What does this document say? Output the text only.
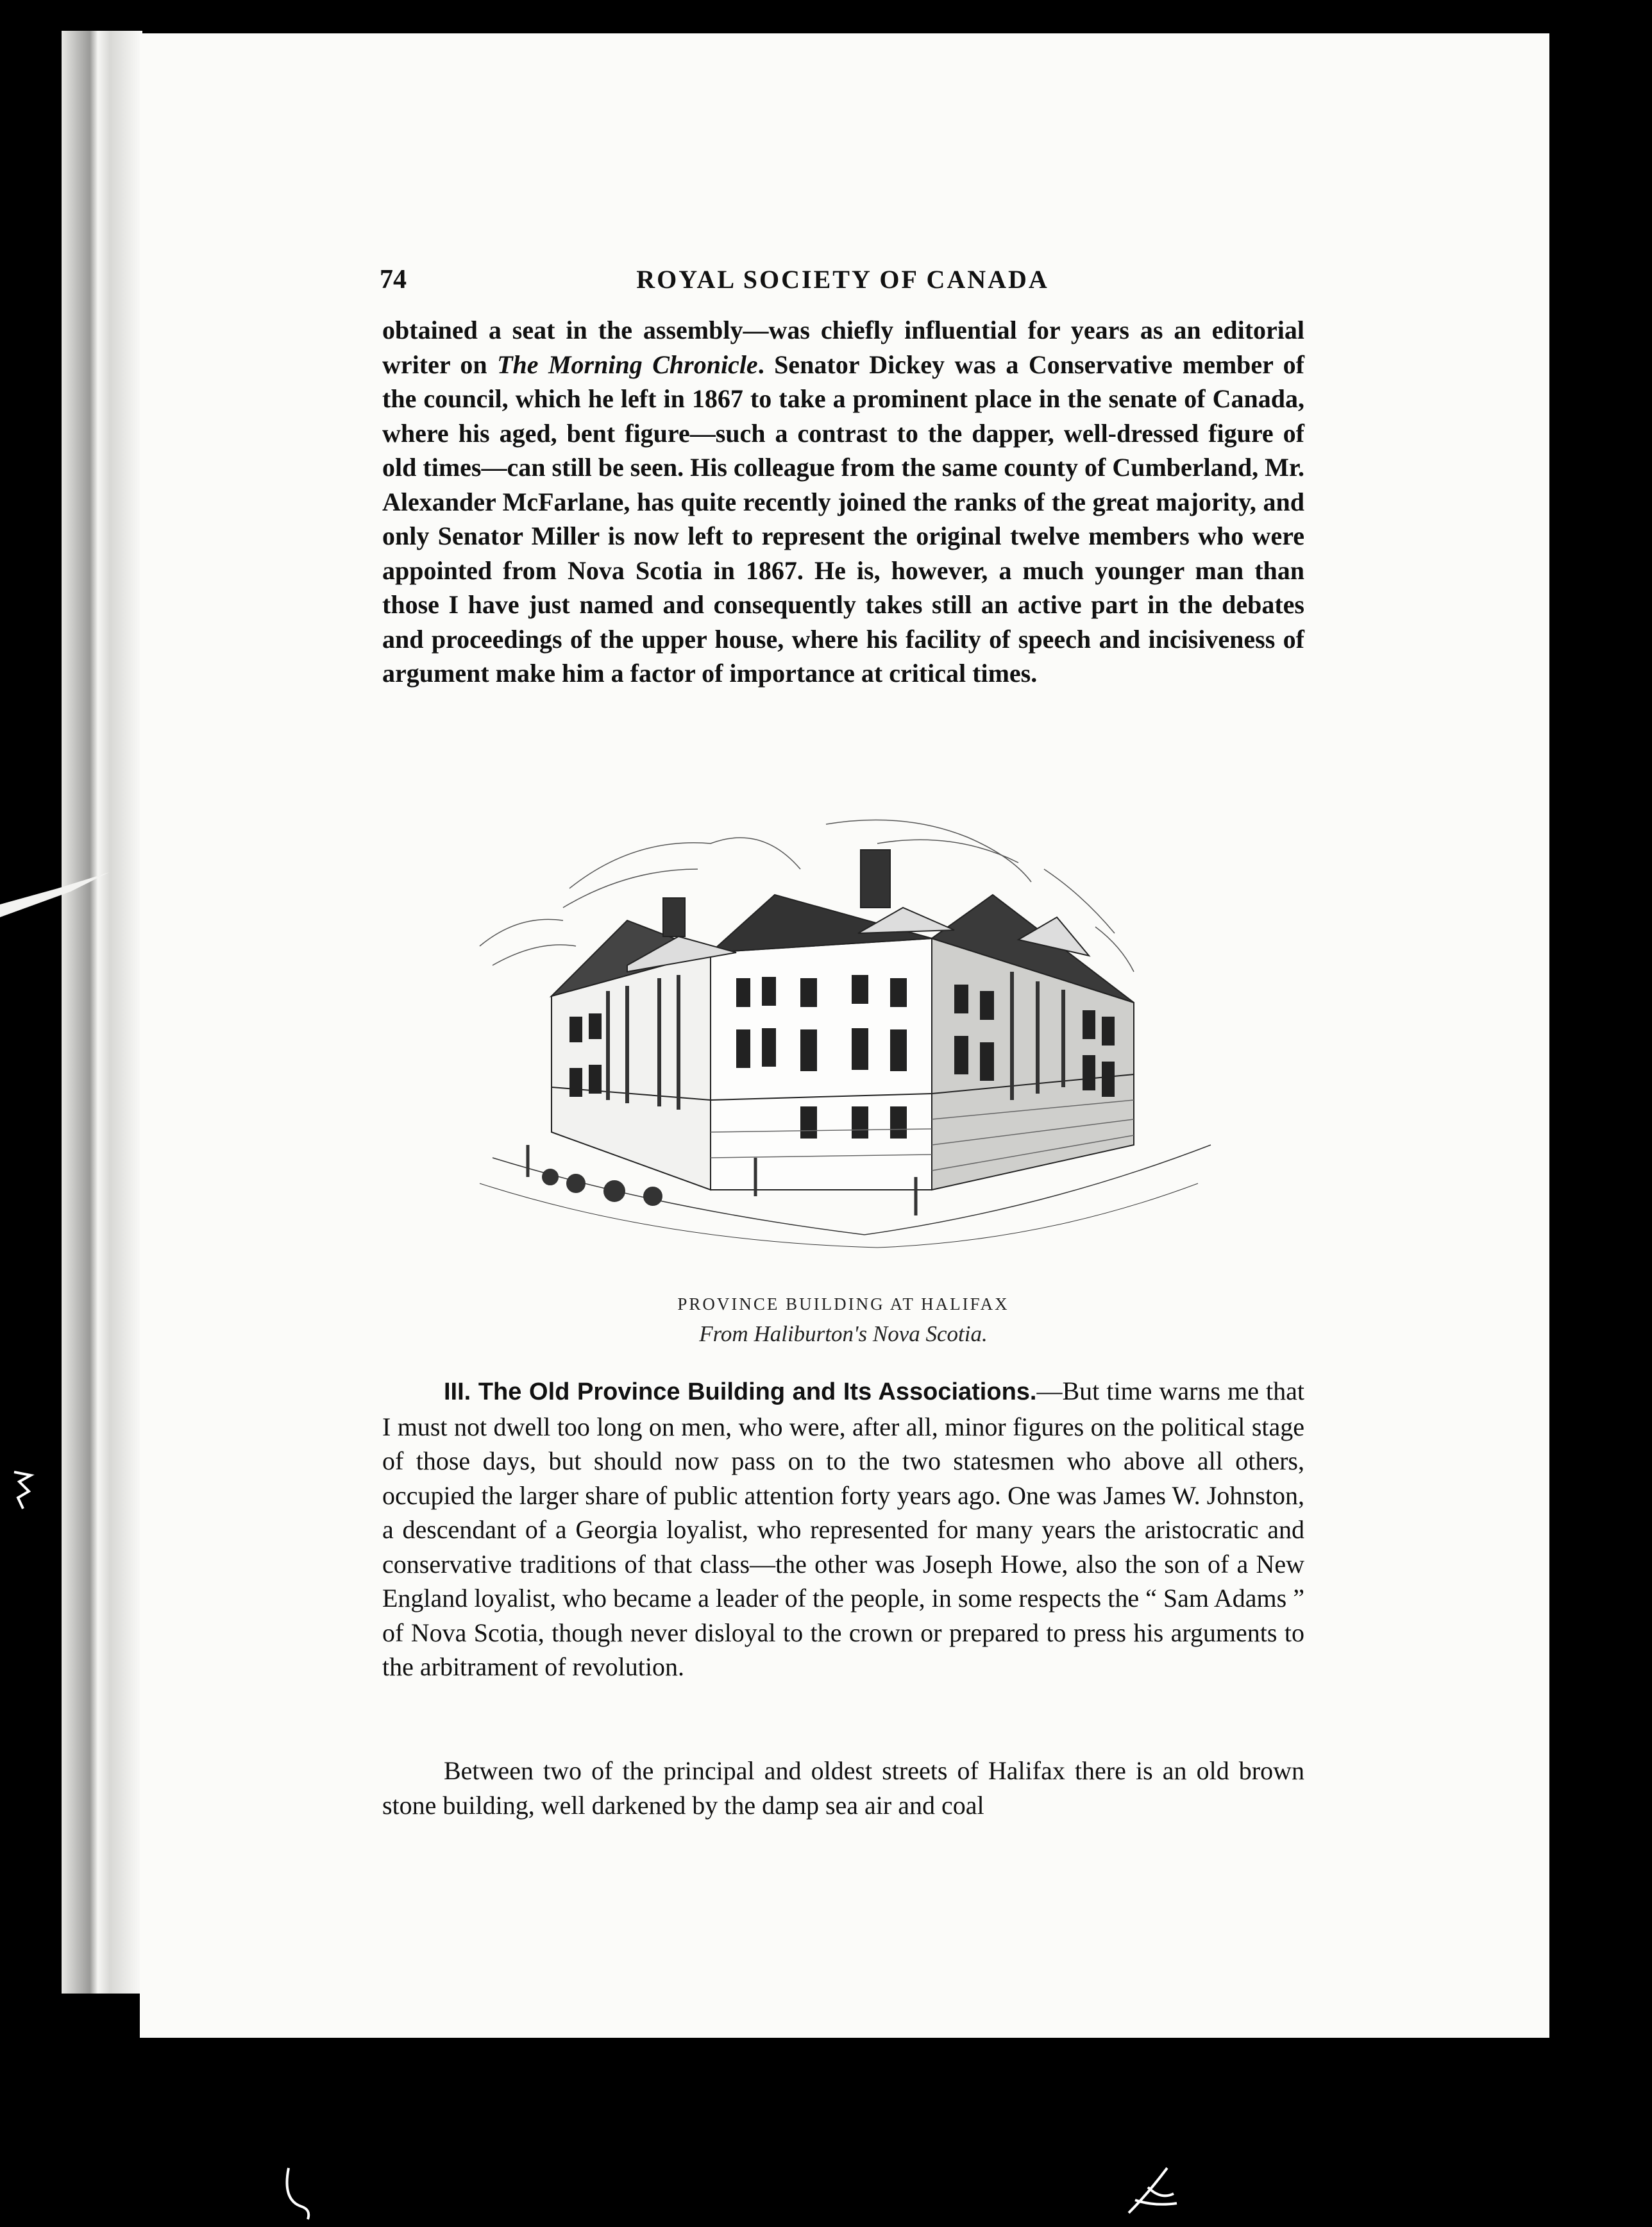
74	ROYAL SOCIETY OF CANADA

obtained a seat in the assembly—was chiefly influential for years as an editorial writer on The Morning Chronicle. Senator Dickey was a Conservative member of the council, which he left in 1867 to take a prominent place in the senate of Canada, where his aged, bent figure—such a contrast to the dapper, well-dressed figure of old times—can still be seen. His colleague from the same county of Cumberland, Mr. Alexander McFarlane, has quite recently joined the ranks of the great majority, and only Senator Miller is now left to represent the original twelve members who were appointed from Nova Scotia in 1867. He is, however, a much younger man than those I have just named and consequently takes still an active part in the debates and proceedings of the upper house, where his facility of speech and incisiveness of argument make him a factor of importance at critical times.

PROVINCE BUILDING AT HALIFAX
From Haliburton's Nova Scotia.

III. The Old Province Building and Its Associations.—But time warns me that I must not dwell too long on men, who were, after all, minor figures on the political stage of those days, but should now pass on to the two statesmen who above all others, occupied the larger share of public attention forty years ago. One was James W. Johnston, a descendant of a Georgia loyalist, who represented for many years the aristocratic and conservative traditions of that class—the other was Joseph Howe, also the son of a New England loyalist, who became a leader of the people, in some respects the “ Sam Adams ” of Nova Scotia, though never disloyal to the crown or prepared to press his arguments to the arbitrament of revolution.

Between two of the principal and oldest streets of Halifax there is an old brown stone building, well darkened by the damp sea air and coal
